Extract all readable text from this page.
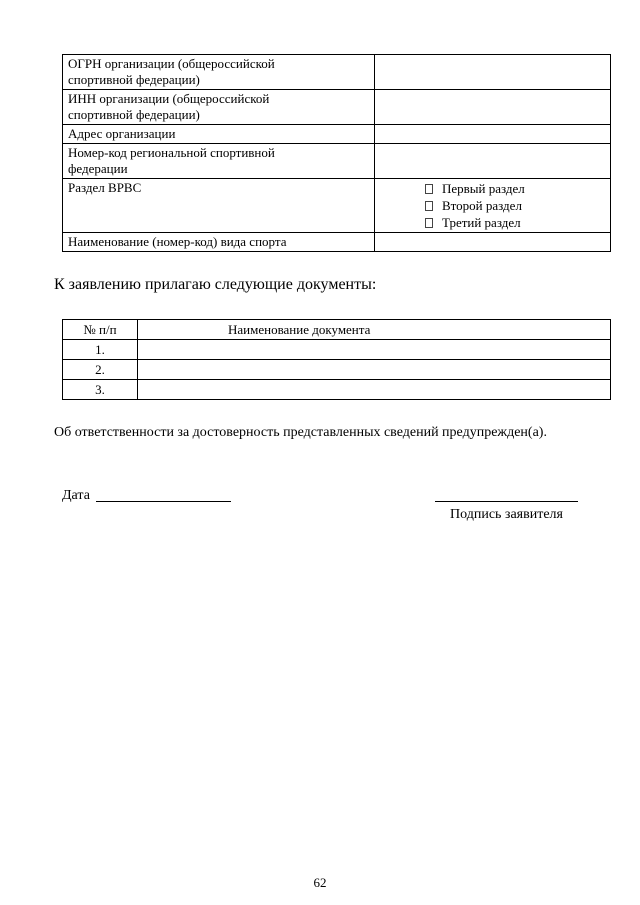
ОГРН организации (общероссийской
спортивной федерации)	

ИНН организации (общероссийской
спортивной федерации)	

Адрес организации	

Номер-код региональной спортивной
федерации	

Раздел ВРВС	Первый раздел
Второй раздел
Третий раздел

Наименование (номер-код) вида спорта	

К заявлению прилагаю следующие документы:
№ п/п	Наименование документа
1.	
2.	
3.	
Об ответственности за достоверность представленных сведений предупрежден(а).
Дата
Подпись заявителя
62
